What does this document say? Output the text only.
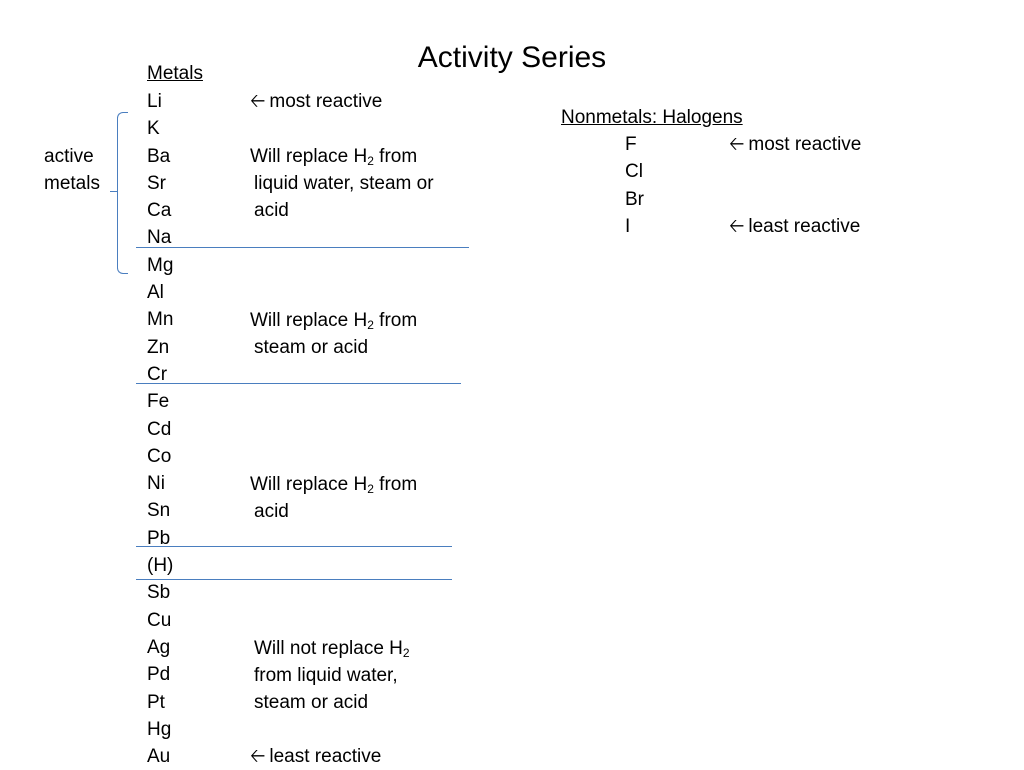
Activity Series
Metals
Li
K
Ba
Sr
Ca
Na
Mg
Al
Mn
Zn
Cr
Fe
Cd
Co
Ni
Sn
Pb
(H)
Sb
Cu
Ag
Pd
Pt
Hg
Au
active
metals
🡠 most reactive
Will replace $H_2$ from
liquid water, steam or
acid
Will replace $H_2$ from
steam or acid
Will replace $H_2$ from
acid
Will not replace $H_2$
from liquid water,
steam or acid
🡠 least reactive
Nonmetals: Halogens
F
Cl
Br
I
🡠 most reactive
🡠 least reactive
